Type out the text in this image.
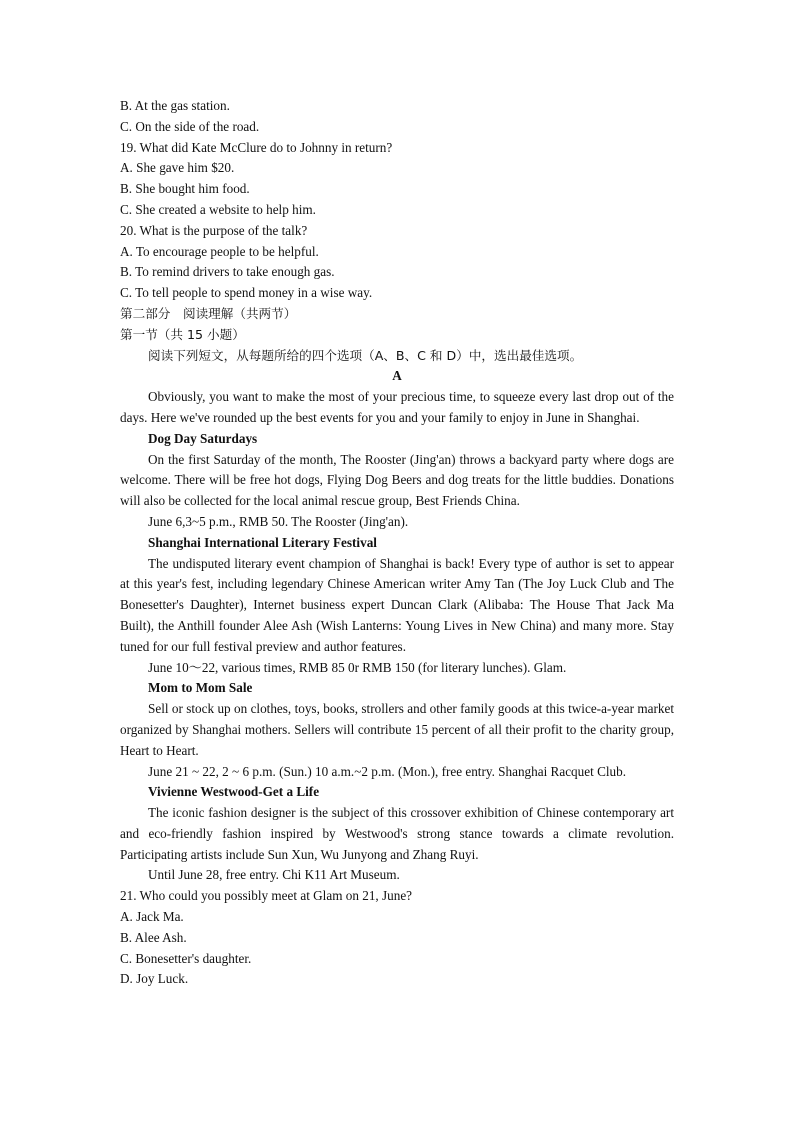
B. At the gas station.
C. On the side of the road.
19. What did Kate McClure do to Johnny in return?
A. She gave him $20.
B. She bought him food.
C. She created a website to help him.
20. What is the purpose of the talk?
A. To encourage people to be helpful.
B. To remind drivers to take enough gas.
C. To tell people to spend money in a wise way.
第二部分　阅读理解（共两节）
第一节（共 15 小题）
阅读下列短文，从每题所给的四个选项（A、B、C 和 D）中，选出最佳选项。
A
Obviously, you want to make the most of your precious time, to squeeze every last drop out of the days. Here we've rounded up the best events for you and your family to enjoy in June in Shanghai.
Dog Day Saturdays
On the first Saturday of the month, The Rooster (Jing'an) throws a backyard party where dogs are welcome. There will be free hot dogs, Flying Dog Beers and dog treats for the little buddies. Donations will also be collected for the local animal rescue group, Best Friends China.
June 6,3~5 p.m., RMB 50. The Rooster (Jing'an).
Shanghai International Literary Festival
The undisputed literary event champion of Shanghai is back! Every type of author is set to appear at this year's fest, including legendary Chinese American writer Amy Tan (The Joy Luck Club and The Bonesetter's Daughter), Internet business expert Duncan Clark (Alibaba: The House That Jack Ma Built), the Anthill founder Alee Ash (Wish Lanterns: Young Lives in New China) and many more. Stay tuned for our full festival preview and author features.
June 10～22, various times, RMB 85 0r RMB 150 (for literary lunches). Glam.
Mom to Mom Sale
Sell or stock up on clothes, toys, books, strollers and other family goods at this twice-a-year market organized by Shanghai mothers. Sellers will contribute 15 percent of all their profit to the charity group, Heart to Heart.
June 21 ~ 22, 2 ~ 6 p.m. (Sun.) 10 a.m.~2 p.m. (Mon.), free entry. Shanghai Racquet Club.
Vivienne Westwood-Get a Life
The iconic fashion designer is the subject of this crossover exhibition of Chinese contemporary art and eco-friendly fashion inspired by Westwood's strong stance towards a climate revolution. Participating artists include Sun Xun, Wu Junyong and Zhang Ruyi.
Until June 28, free entry. Chi K11 Art Museum.
21. Who could you possibly meet at Glam on 21, June?
A. Jack Ma.
B. Alee Ash.
C. Bonesetter's daughter.
D. Joy Luck.
